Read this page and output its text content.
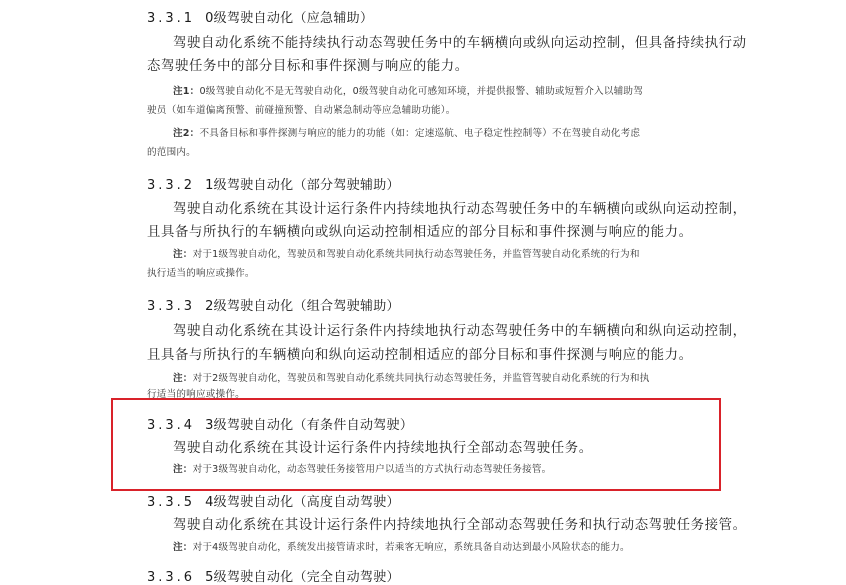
3.3.1 0级驾驶自动化（应急辅助）
驾驶自动化系统不能持续执行动态驾驶任务中的车辆横向或纵向运动控制，但具备持续执行动
态驾驶任务中的部分目标和事件探测与响应的能力。
注1：0级驾驶自动化不是无驾驶自动化，0级驾驶自动化可感知环境，并提供报警、辅助或短暂介入以辅助驾
驶员（如车道偏离预警、前碰撞预警、自动紧急制动等应急辅助功能）。
注2：不具备目标和事件探测与响应的能力的功能（如：定速巡航、电子稳定性控制等）不在驾驶自动化考虑
的范围内。
3.3.2 1级驾驶自动化（部分驾驶辅助）
驾驶自动化系统在其设计运行条件内持续地执行动态驾驶任务中的车辆横向或纵向运动控制，
且具备与所执行的车辆横向或纵向运动控制相适应的部分目标和事件探测与响应的能力。
注：对于1级驾驶自动化，驾驶员和驾驶自动化系统共同执行动态驾驶任务，并监管驾驶自动化系统的行为和
执行适当的响应或操作。
3.3.3 2级驾驶自动化（组合驾驶辅助）
驾驶自动化系统在其设计运行条件内持续地执行动态驾驶任务中的车辆横向和纵向运动控制，
且具备与所执行的车辆横向和纵向运动控制相适应的部分目标和事件探测与响应的能力。
注：对于2级驾驶自动化，驾驶员和驾驶自动化系统共同执行动态驾驶任务，并监管驾驶自动化系统的行为和执
行适当的响应或操作。
3.3.4 3级驾驶自动化（有条件自动驾驶）
驾驶自动化系统在其设计运行条件内持续地执行全部动态驾驶任务。
注：对于3级驾驶自动化，动态驾驶任务接管用户以适当的方式执行动态驾驶任务接管。
3.3.5 4级驾驶自动化（高度自动驾驶）
驾驶自动化系统在其设计运行条件内持续地执行全部动态驾驶任务和执行动态驾驶任务接管。
注：对于4级驾驶自动化，系统发出接管请求时，若乘客无响应，系统具备自动达到最小风险状态的能力。
3.3.6 5级驾驶自动化（完全自动驾驶）
